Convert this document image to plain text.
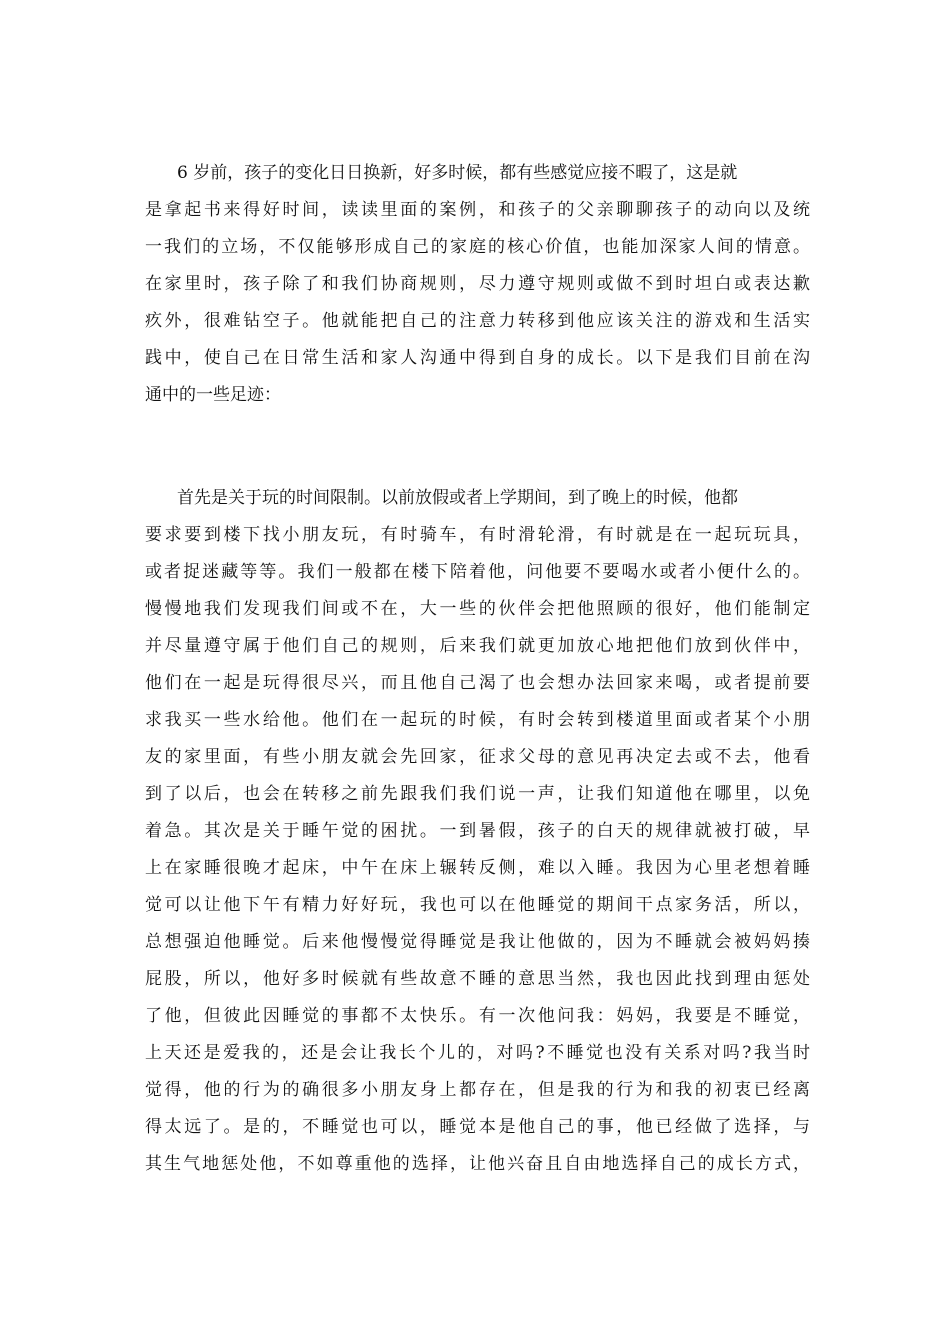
6 岁前，孩子的变化日日换新，好多时候，都有些感觉应接不暇了，这是就
是拿起书来得好时间，读读里面的案例，和孩子的父亲聊聊孩子的动向以及统
一我们的立场，不仅能够形成自己的家庭的核心价值，也能加深家人间的情意。
在家里时，孩子除了和我们协商规则，尽力遵守规则或做不到时坦白或表达歉
疚外，很难钻空子。他就能把自己的注意力转移到他应该关注的游戏和生活实
践中，使自己在日常生活和家人沟通中得到自身的成长。以下是我们目前在沟
通中的一些足迹：
首先是关于玩的时间限制。以前放假或者上学期间，到了晚上的时候，他都
要求要到楼下找小朋友玩，有时骑车，有时滑轮滑，有时就是在一起玩玩具，
或者捉迷藏等等。我们一般都在楼下陪着他，问他要不要喝水或者小便什么的。
慢慢地我们发现我们间或不在，大一些的伙伴会把他照顾的很好，他们能制定
并尽量遵守属于他们自己的规则，后来我们就更加放心地把他们放到伙伴中，
他们在一起是玩得很尽兴，而且他自己渴了也会想办法回家来喝，或者提前要
求我买一些水给他。他们在一起玩的时候，有时会转到楼道里面或者某个小朋
友的家里面，有些小朋友就会先回家，征求父母的意见再决定去或不去，他看
到了以后，也会在转移之前先跟我们我们说一声，让我们知道他在哪里，以免
着急。其次是关于睡午觉的困扰。一到暑假，孩子的白天的规律就被打破，早
上在家睡很晚才起床，中午在床上辗转反侧，难以入睡。我因为心里老想着睡
觉可以让他下午有精力好好玩，我也可以在他睡觉的期间干点家务活，所以，
总想强迫他睡觉。后来他慢慢觉得睡觉是我让他做的，因为不睡就会被妈妈揍
屁股，所以，他好多时候就有些故意不睡的意思当然，我也因此找到理由惩处
了他，但彼此因睡觉的事都不太快乐。有一次他问我：妈妈，我要是不睡觉，
上天还是爱我的，还是会让我长个儿的，对吗?不睡觉也没有关系对吗?我当时
觉得，他的行为的确很多小朋友身上都存在，但是我的行为和我的初衷已经离
得太远了。是的，不睡觉也可以，睡觉本是他自己的事，他已经做了选择，与
其生气地惩处他，不如尊重他的选择，让他兴奋且自由地选择自己的成长方式，
